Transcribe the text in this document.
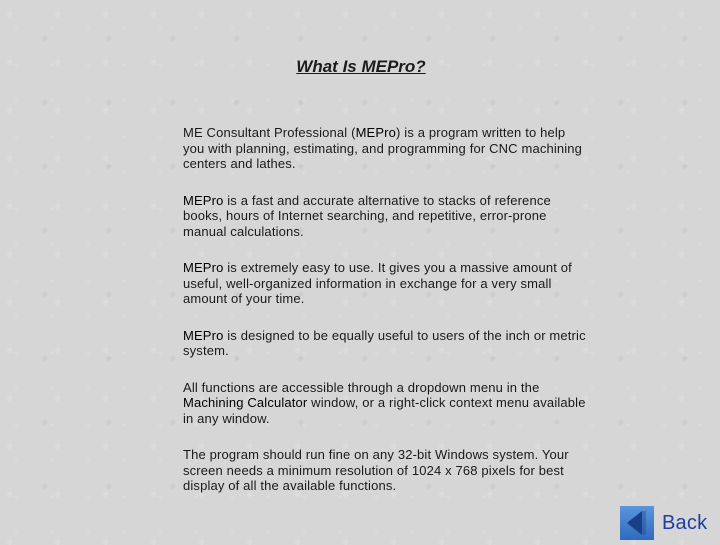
What Is MEPro?

ME Consultant Professional (MEPro) is a program written to help you with planning, estimating, and programming for CNC machining centers and lathes.

MEPro is a fast and accurate alternative to stacks of reference books, hours of Internet searching, and repetitive, error-prone manual calculations.

MEPro is extremely easy to use. It gives you a massive amount of useful, well-organized information in exchange for a very small amount of your time.

MEPro is designed to be equally useful to users of the inch or metric system.

All functions are accessible through a dropdown menu in the Machining Calculator window, or a right-click context menu available in any window.

The program should run fine on any 32-bit Windows system. Your screen needs a minimum resolution of 1024 x 768 pixels for best display of all the available functions.

Back
